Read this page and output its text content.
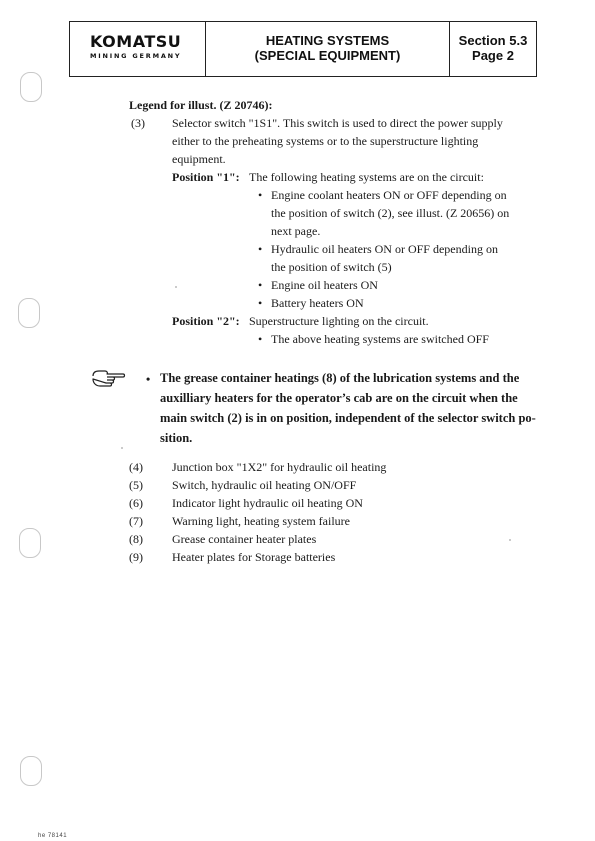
KOMATSU
MINING GERMANY
HEATING SYSTEMS
(SPECIAL EQUIPMENT)
Section 5.3
Page 2
Legend for illust. (Z 20746):
(3) Selector switch "1S1". This switch is used to direct the power supply
either to the preheating systems or to the superstructure lighting
equipment.
Position "1": The following heating systems are on the circuit:
• Engine coolant heaters ON or OFF depending on
the position of switch (2), see illust. (Z 20656) on
next page.
• Hydraulic oil heaters ON or OFF depending on
the position of switch (5)
• Engine oil heaters ON
• Battery heaters ON
Position "2": Superstructure lighting on the circuit.
• The above heating systems are switched OFF
• The grease container heatings (8) of the lubrication systems and the
auxilliary heaters for the operator’s cab are on the circuit when the
main switch (2) is in on position, independent of the selector switch po-
sition.
(4) Junction box "1X2" for hydraulic oil heating
(5) Switch, hydraulic oil heating ON/OFF
(6) Indicator light hydraulic oil heating ON
(7) Warning light, heating system failure
(8) Grease container heater plates
(9) Heater plates for Storage batteries
he 78141
